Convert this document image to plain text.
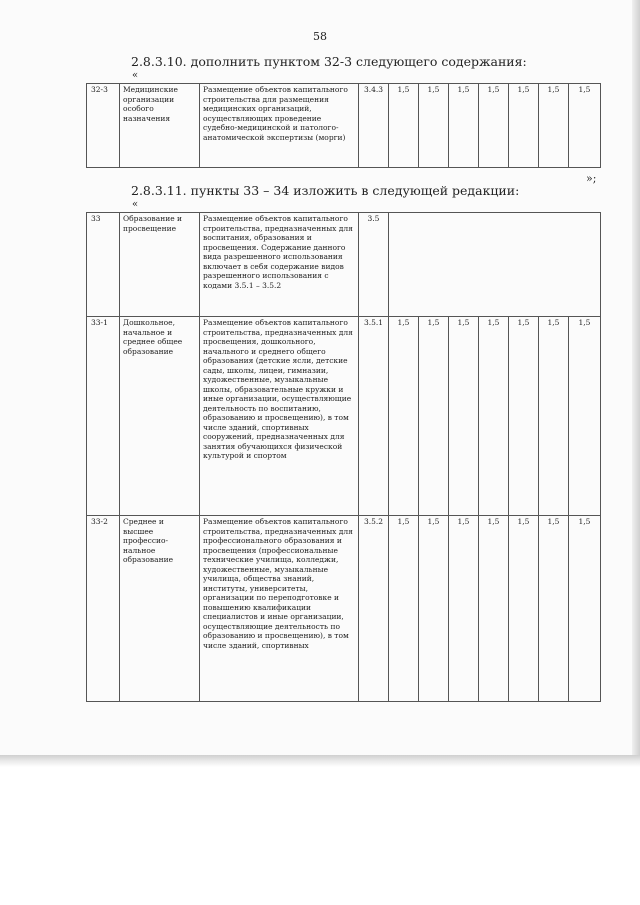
58
2.8.3.10. дополнить пунктом 32-3 следующего содержания:
«
32-3	Медицинские организации особого назначения	Размещение объектов капитального строительства для размещения медицинских организаций, осуществляющих проведение судебно-медицинской и патолого-анатомической экспертизы (морги)	3.4.3	1,5	1,5	1,5	1,5	1,5	1,5	1,5
»;
2.8.3.11. пункты 33 – 34 изложить в следующей редакции:
«
33	Образование и просвещение	Размещение объектов капитального строительства, предназначенных для воспитания, образования и просвещения. Содержание данного вида разрешенного использования включает в себя содержание видов разрешенного использования с кодами 3.5.1 – 3.5.2	3.5							
33-1	Дошкольное, начальное и среднее общее образование	Размещение объектов капитального строительства, предназначенных для просвещения, дошкольного, начального и среднего общего образования (детские ясли, детские сады, школы, лицеи, гимназии, художественные, музыкальные школы, образовательные кружки и иные организации, осуществляющие деятельность по воспитанию, образованию и просвещению), в том числе зданий, спортивных сооружений, предназначенных для занятия обучающихся физической культурой и спортом	3.5.1	1,5	1,5	1,5	1,5	1,5	1,5	1,5
33-2	Среднее и высшее профессио-нальное образование	Размещение объектов капитального строительства, предназначенных для профессионального образования и просвещения (профессиональные технические училища, колледжи, художественные, музыкальные училища, общества знаний, институты, университеты, организации по переподготовке и повышению квалификации специалистов и иные организации, осуществляющие деятельность по образованию и просвещению), в том числе зданий, спортивных	3.5.2	1,5	1,5	1,5	1,5	1,5	1,5	1,5
